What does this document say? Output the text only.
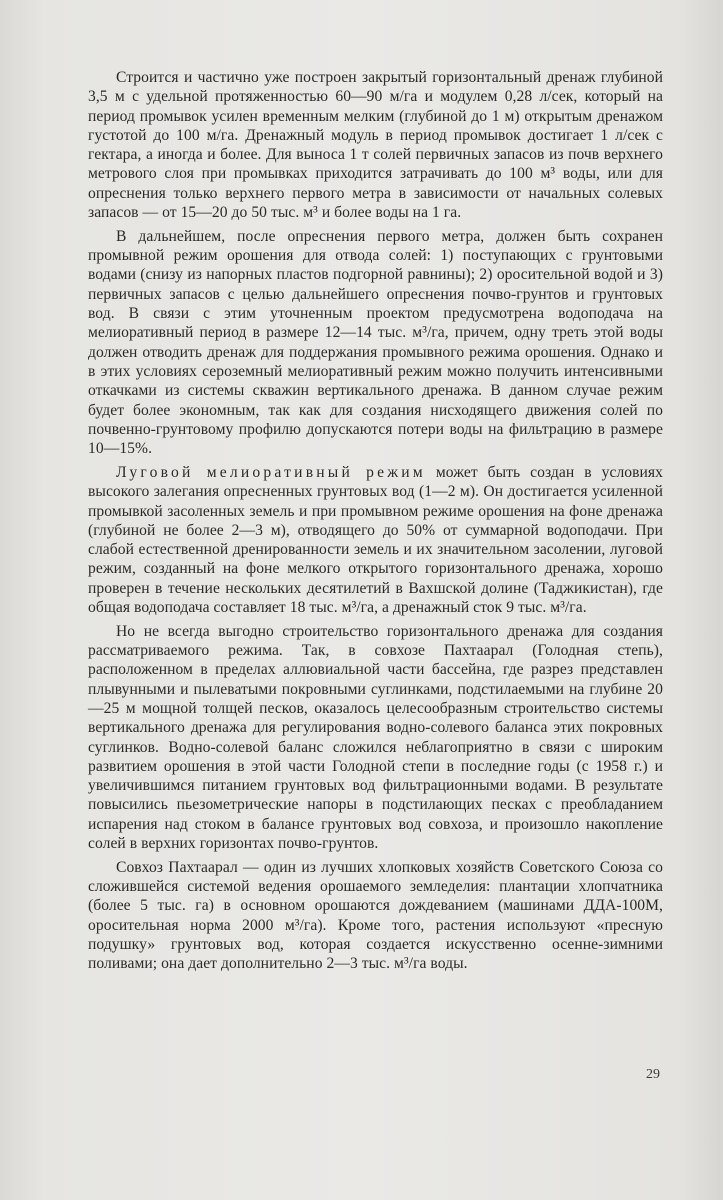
Строится и частично уже построен закрытый горизонтальный дренаж глубиной 3,5 м с удельной протяженностью 60—90 м/га и модулем 0,28 л/сек, который на период промывок усилен временным мелким (глубиной до 1 м) открытым дренажом густотой до 100 м/га. Дренажный модуль в период промывок достигает 1 л/сек с гектара, а иногда и более. Для выноса 1 т солей первичных запасов из почв верхнего метрового слоя при промывках приходится затрачивать до 100 м³ воды, или для опреснения только верхнего первого метра в зависимости от начальных солевых запасов — от 15—20 до 50 тыс. м³ и более воды на 1 га.

В дальнейшем, после опреснения первого метра, должен быть сохранен промывной режим орошения для отвода солей: 1) поступающих с грунтовыми водами (снизу из напорных пластов подгорной равнины); 2) оросительной водой и 3) первичных запасов с целью дальнейшего опреснения почво-грунтов и грунтовых вод. В связи с этим уточненным проектом предусмотрена водоподача на мелиоративный период в размере 12—14 тыс. м³/га, причем, одну треть этой воды должен отводить дренаж для поддержания промывного режима орошения. Однако и в этих условиях сероземный мелиоративный режим можно получить интенсивными откачками из системы скважин вертикального дренажа. В данном случае режим будет более экономным, так как для создания нисходящего движения солей по почвенно-грунтовому профилю допускаются потери воды на фильтрацию в размере 10—15%.

Луговой мелиоративный режим может быть создан в условиях высокого залегания опресненных грунтовых вод (1—2 м). Он достигается усиленной промывкой засоленных земель и при промывном режиме орошения на фоне дренажа (глубиной не более 2—3 м), отводящего до 50% от суммарной водоподачи. При слабой естественной дренированности земель и их значительном засолении, луговой режим, созданный на фоне мелкого открытого горизонтального дренажа, хорошо проверен в течение нескольких десятилетий в Вахшской долине (Таджикистан), где общая водоподача составляет 18 тыс. м³/га, а дренажный сток 9 тыс. м³/га.

Но не всегда выгодно строительство горизонтального дренажа для создания рассматриваемого режима. Так, в совхозе Пахтаарал (Голодная степь), расположенном в пределах аллювиальной части бассейна, где разрез представлен плывунными и пылеватыми покровными суглинками, подстилаемыми на глубине 20—25 м мощной толщей песков, оказалось целесообразным строительство системы вертикального дренажа для регулирования водно-солевого баланса этих покровных суглинков. Водно-солевой баланс сложился неблагоприятно в связи с широким развитием орошения в этой части Голодной степи в последние годы (с 1958 г.) и увеличившимся питанием грунтовых вод фильтрационными водами. В результате повысились пьезометрические напоры в подстилающих песках с преобладанием испарения над стоком в балансе грунтовых вод совхоза, и произошло накопление солей в верхних горизонтах почво-грунтов.

Совхоз Пахтаарал — один из лучших хлопковых хозяйств Советского Союза со сложившейся системой ведения орошаемого земледелия: плантации хлопчатника (более 5 тыс. га) в основном орошаются дождеванием (машинами ДДА-100М, оросительная норма 2000 м³/га). Кроме того, растения используют «пресную подушку» грунтовых вод, которая создается искусственно осенне-зимними поливами; она дает дополнительно 2—3 тыс. м³/га воды.

29
